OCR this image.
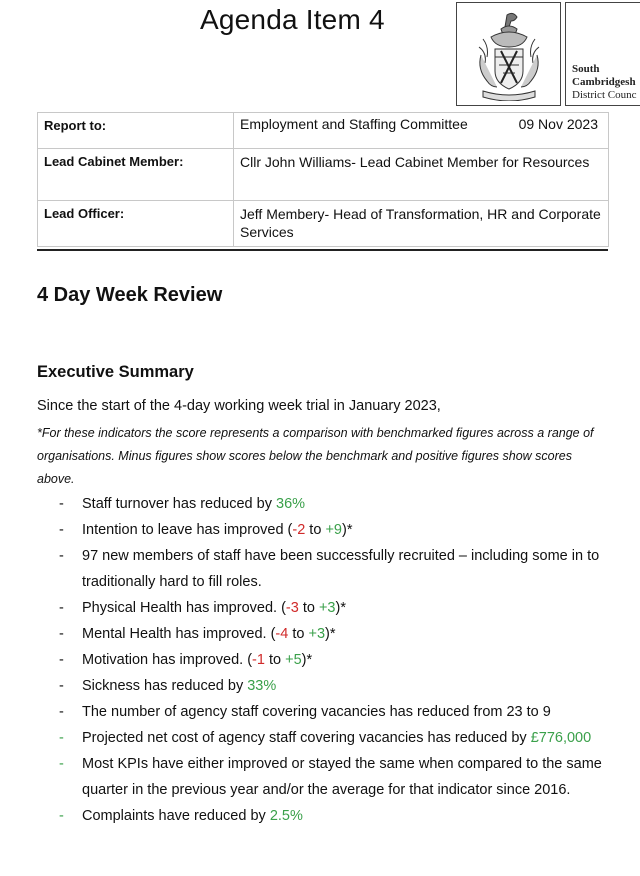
Agenda Item 4
South
Cambridgesh
District Counc
Report to:	Employment and Staffing Committee 09 Nov 2023

Lead Cabinet Member:	Cllr John Williams- Lead Cabinet Member for Resources
Lead Officer:	Jeff Membery- Head of Transformation, HR and Corporate Services
4 Day Week Review
Executive Summary

Since the start of the 4-day working week trial in January 2023,

*For these indicators the score represents a comparison with benchmarked figures across a range of organisations. Minus figures show scores below the benchmark and positive figures show scores above.

- Staff turnover has reduced by 36%
- Intention to leave has improved (-2 to +9)*
- 97 new members of staff have been successfully recruited – including some in to traditionally hard to fill roles.
- Physical Health has improved. (-3 to +3)*
- Mental Health has improved. (-4 to +3)*
- Motivation has improved. (-1 to +5)*
- Sickness has reduced by 33%
- The number of agency staff covering vacancies has reduced from 23 to 9
- Projected net cost of agency staff covering vacancies has reduced by £776,000
- Most KPIs have either improved or stayed the same when compared to the same quarter in the previous year and/or the average for that indicator since 2016.
- Complaints have reduced by 2.5%
